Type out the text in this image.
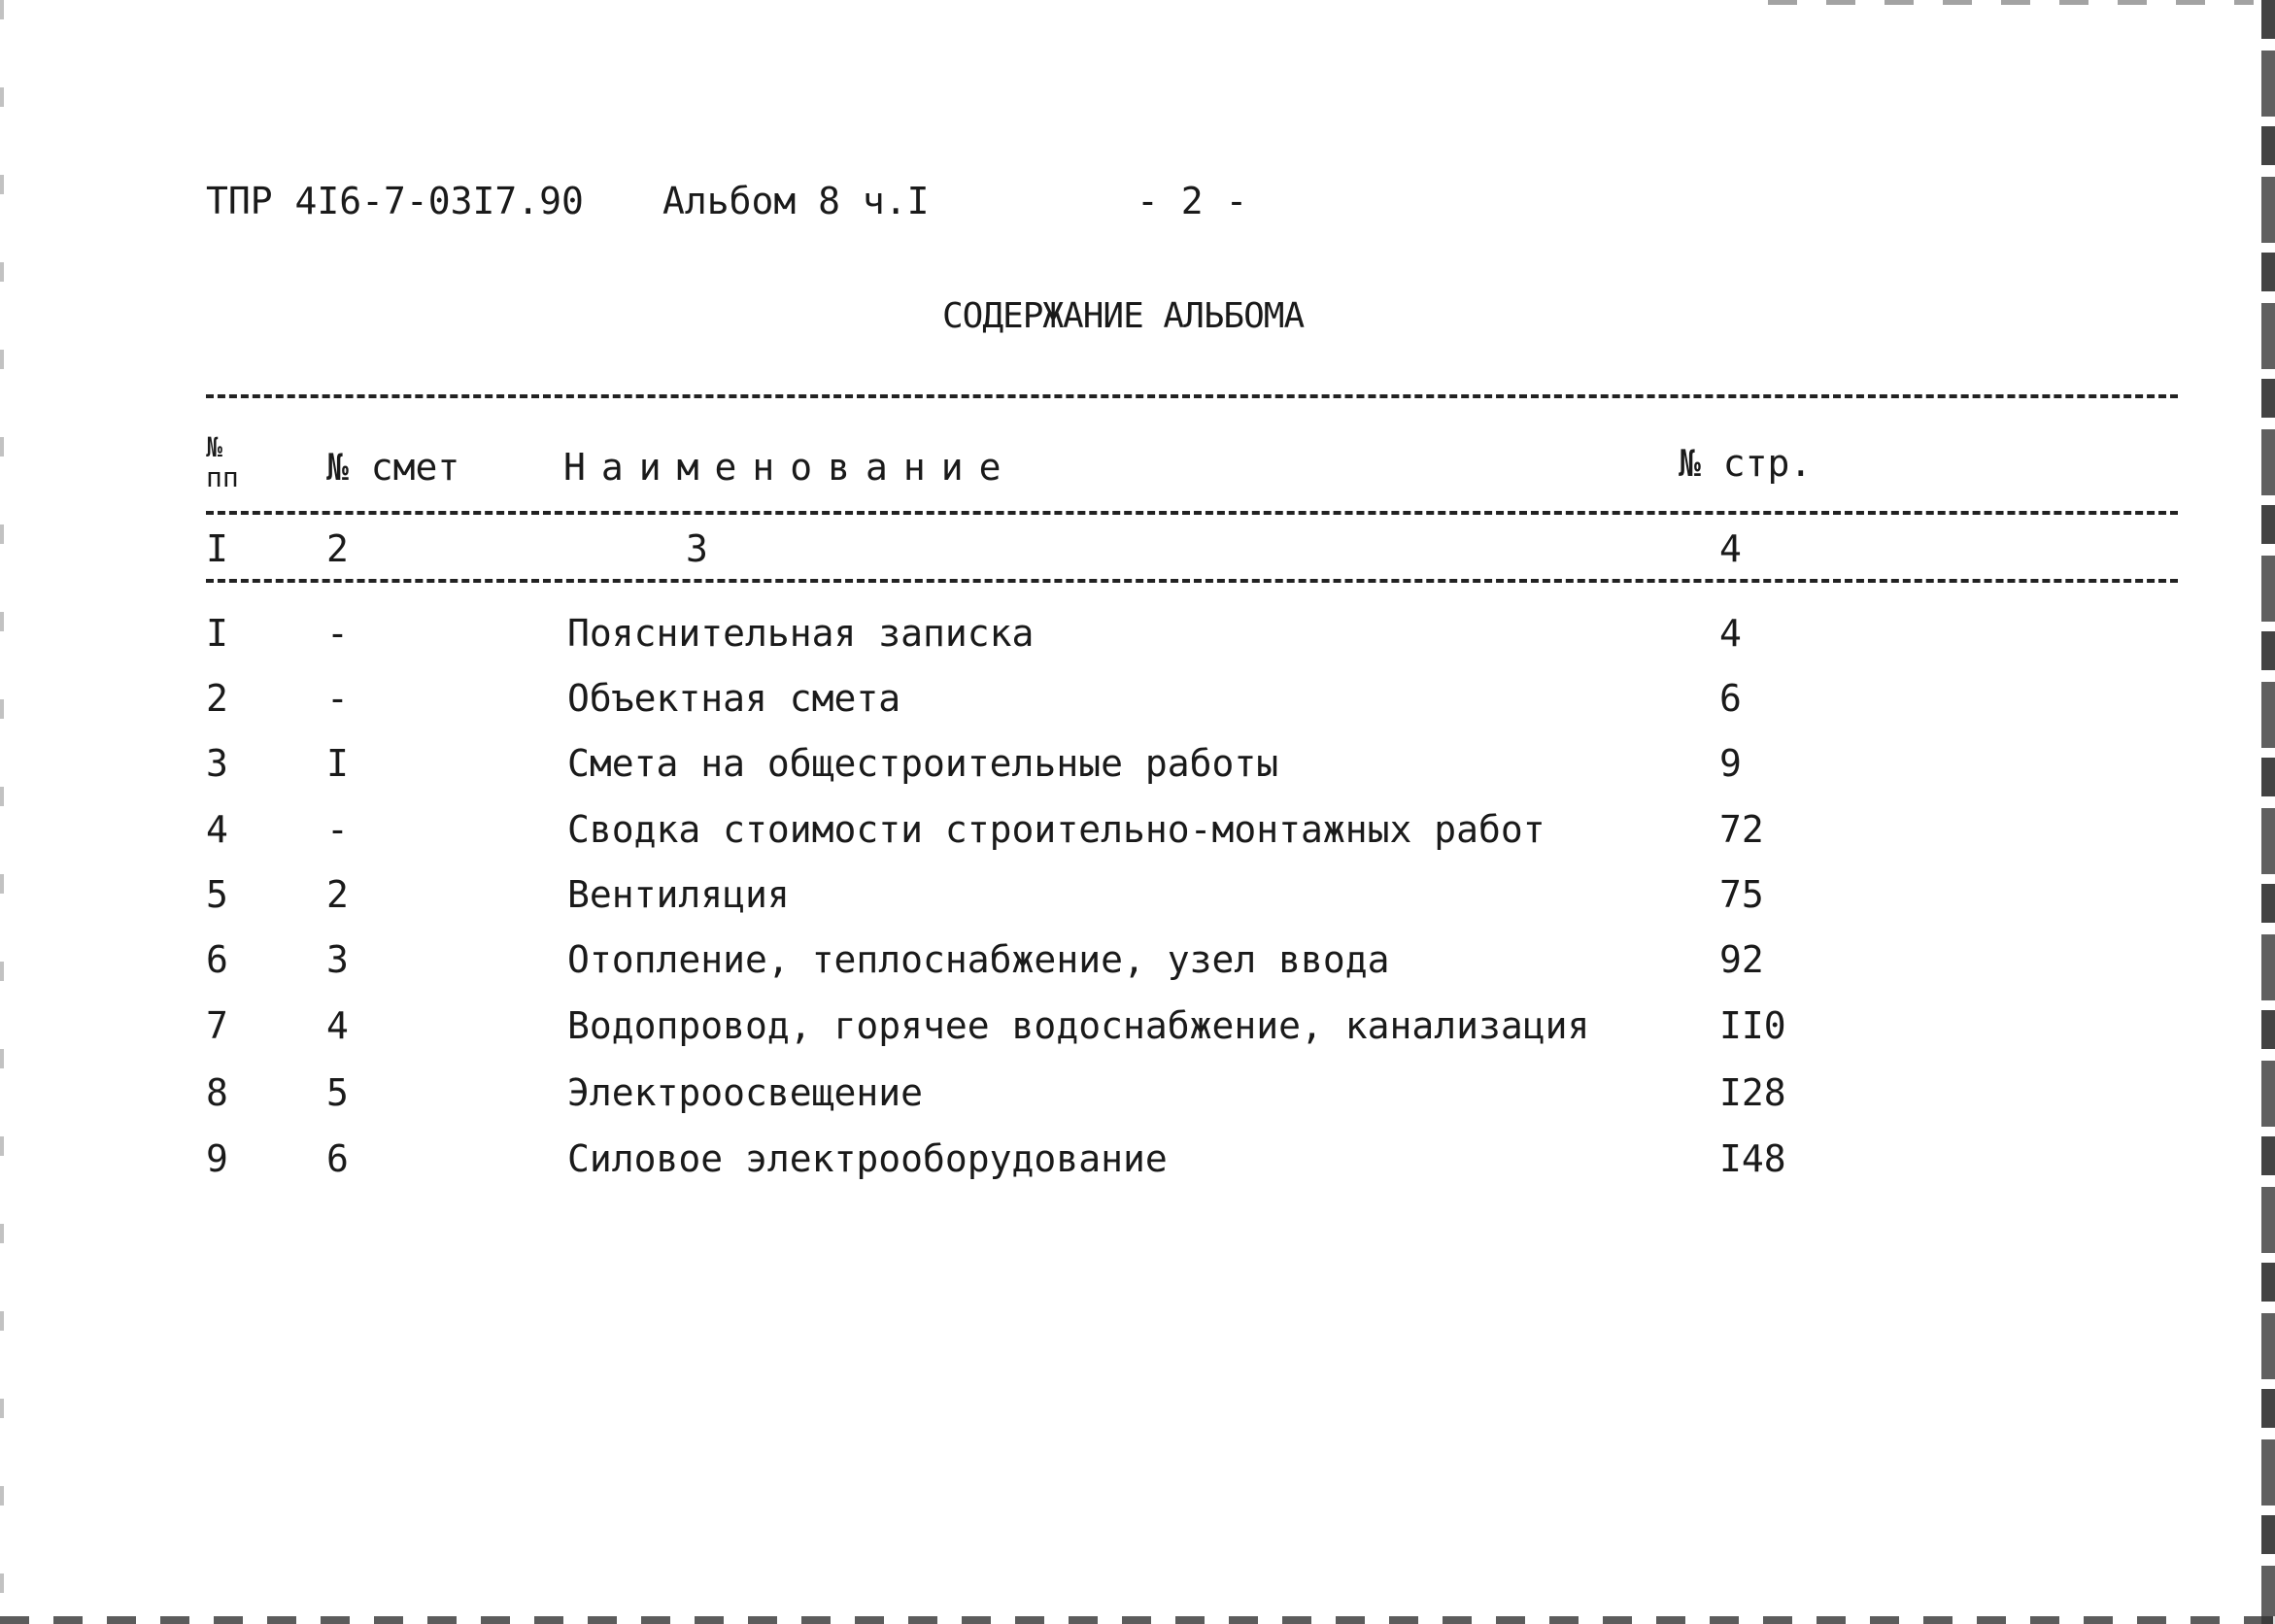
ТПР 4I6-7-03I7.90 Альбом 8 ч.I	- 2 -
СОДЕРЖАНИЕ АЛЬБОМА
№ пп № смет	Наименование	№ стр.
I	2	3	4
I	-	Пояснительная записка	4
2	-	Объектная смета	6
3	I	Смета на общестроительные работы	9
4	-	Сводка стоимости строительно-монтажных работ	72
5	2	Вентиляция	75
6	3	Отопление, теплоснабжение, узел ввода	92
7	4	Водопровод, горячее водоснабжение, канализация	II0
8	5	Электроосвещение	I28
9	6	Силовое электрооборудование	I48
